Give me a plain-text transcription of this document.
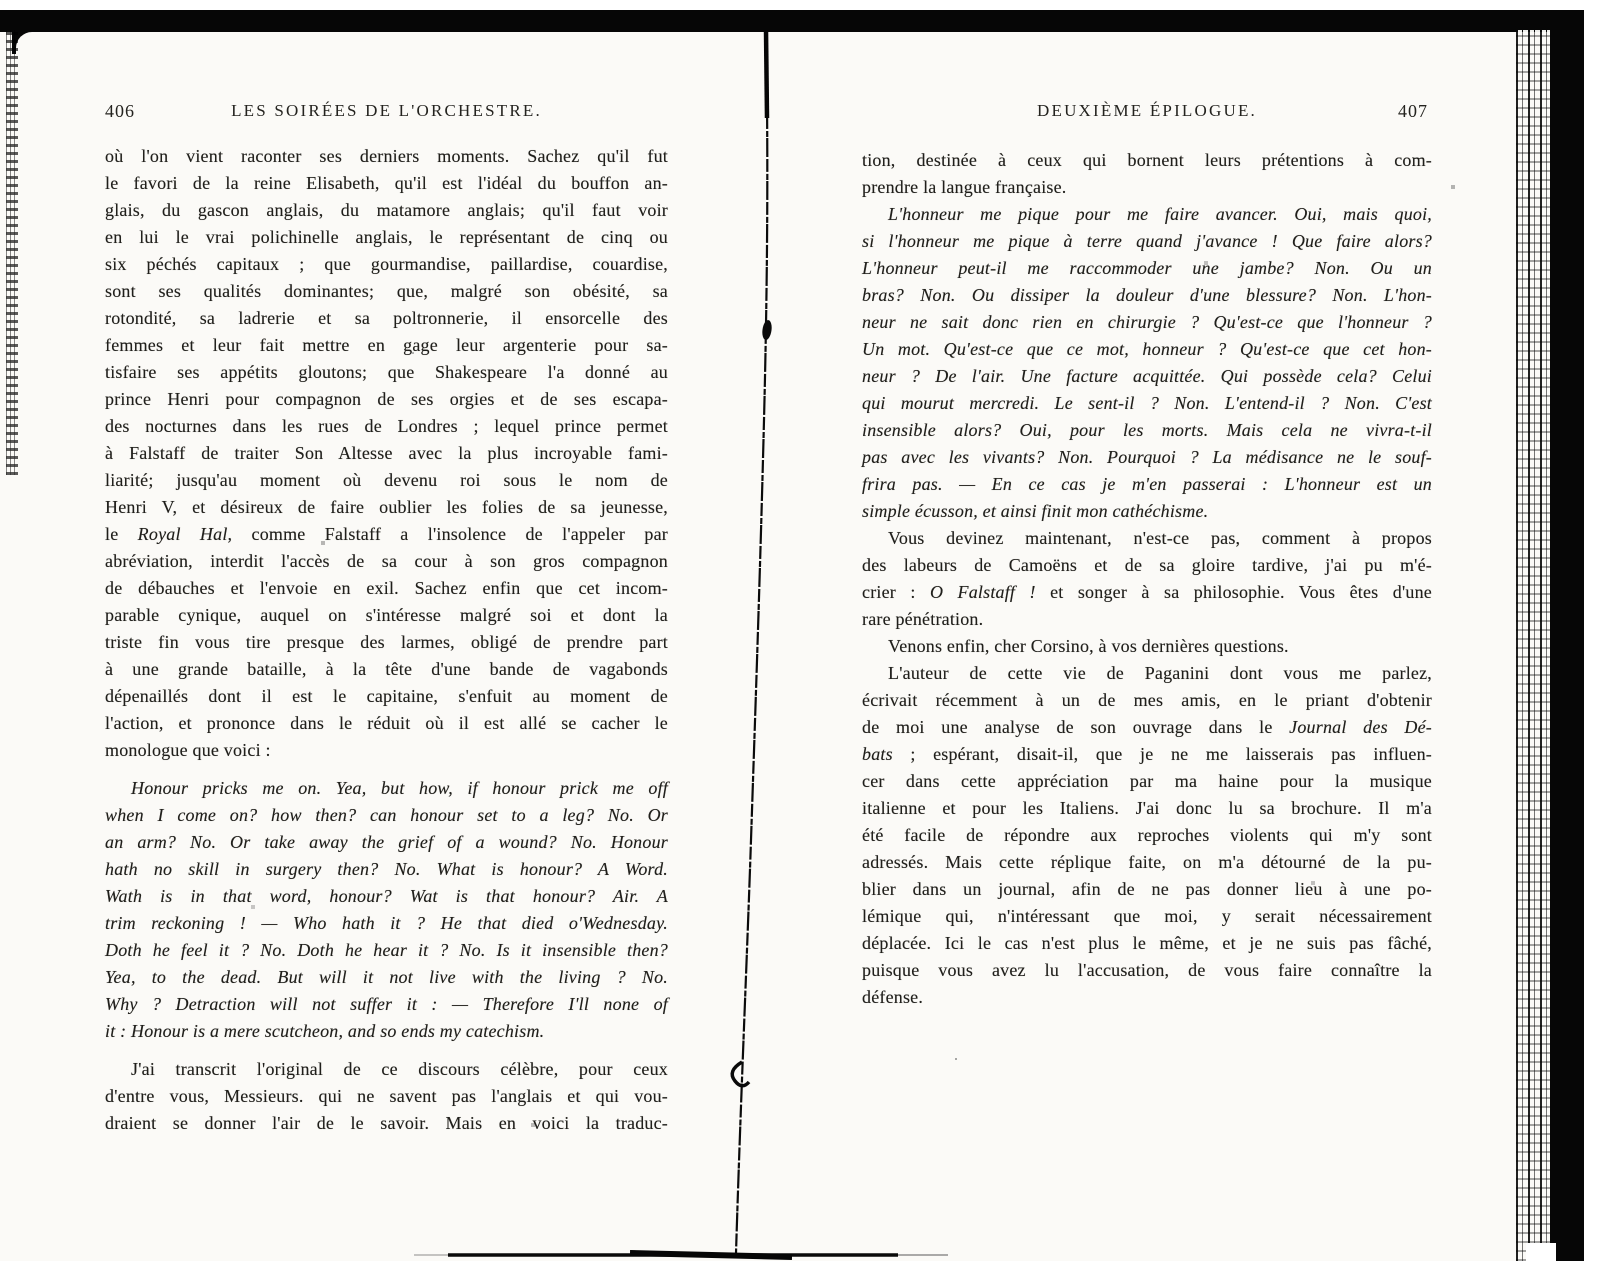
406	LES SOIRÉES DE L'ORCHESTRE.
où l'on vient raconter ses derniers moments. Sachez qu'il fut
le favori de la reine Elisabeth, qu'il est l'idéal du bouffon an-
glais, du gascon anglais, du matamore anglais; qu'il faut voir
en lui le vrai polichinelle anglais, le représentant de cinq ou
six péchés capitaux ; que gourmandise, paillardise, couardise,
sont ses qualités dominantes; que, malgré son obésité, sa
rotondité, sa ladrerie et sa poltronnerie, il ensorcelle des
femmes et leur fait mettre en gage leur argenterie pour sa-
tisfaire ses appétits gloutons; que Shakespeare l'a donné au
prince Henri pour compagnon de ses orgies et de ses escapa-
des nocturnes dans les rues de Londres ; lequel prince permet
à Falstaff de traiter Son Altesse avec la plus incroyable fami-
liarité; jusqu'au moment où devenu roi sous le nom de
Henri V, et désireux de faire oublier les folies de sa jeunesse,
le Royal Hal, comme Falstaff a l'insolence de l'appeler par
abréviation, interdit l'accès de sa cour à son gros compagnon
de débauches et l'envoie en exil. Sachez enfin que cet incom-
parable cynique, auquel on s'intéresse malgré soi et dont la
triste fin vous tire presque des larmes, obligé de prendre part
à une grande bataille, à la tête d'une bande de vagabonds
dépenaillés dont il est le capitaine, s'enfuit au moment de
l'action, et prononce dans le réduit où il est allé se cacher le
monologue que voici :
Honour pricks me on. Yea, but how, if honour prick me off
when I come on? how then? can honour set to a leg? No. Or
an arm? No. Or take away the grief of a wound? No. Honour
hath no skill in surgery then? No. What is honour? A Word.
Wath is in that word, honour? Wat is that honour? Air. A
trim reckoning ! — Who hath it ? He that died o'Wednesday.
Doth he feel it ? No. Doth he hear it ? No. Is it insensible then?
Yea, to the dead. But will it not live with the living ? No.
Why ? Detraction will not suffer it : — Therefore I'll none of
it : Honour is a mere scutcheon, and so ends my catechism.
J'ai transcrit l'original de ce discours célèbre, pour ceux
d'entre vous, Messieurs. qui ne savent pas l'anglais et qui vou-
draient se donner l'air de le savoir. Mais en voici la traduc-
DEUXIÈME ÉPILOGUE.	407
tion, destinée à ceux qui bornent leurs prétentions à com-
prendre la langue française.
L'honneur me pique pour me faire avancer. Oui, mais quoi,
si l'honneur me pique à terre quand j'avance ! Que faire alors?
L'honneur peut-il me raccommoder une jambe? Non. Ou un
bras? Non. Ou dissiper la douleur d'une blessure? Non. L'hon-
neur ne sait donc rien en chirurgie ? Qu'est-ce que l'honneur ?
Un mot. Qu'est-ce que ce mot, honneur ? Qu'est-ce que cet hon-
neur ? De l'air. Une facture acquittée. Qui possède cela? Celui
qui mourut mercredi. Le sent-il ? Non. L'entend-il ? Non. C'est
insensible alors? Oui, pour les morts. Mais cela ne vivra-t-il
pas avec les vivants? Non. Pourquoi ? La médisance ne le souf-
frira pas. — En ce cas je m'en passerai : L'honneur est un
simple écusson, et ainsi finit mon cathéchisme.
Vous devinez maintenant, n'est-ce pas, comment à propos
des labeurs de Camoëns et de sa gloire tardive, j'ai pu m'é-
crier : O Falstaff ! et songer à sa philosophie. Vous êtes d'une
rare pénétration.
Venons enfin, cher Corsino, à vos dernières questions.
L'auteur de cette vie de Paganini dont vous me parlez,
écrivait récemment à un de mes amis, en le priant d'obtenir
de moi une analyse de son ouvrage dans le Journal des Dé-
bats ; espérant, disait-il, que je ne me laisserais pas influen-
cer dans cette appréciation par ma haine pour la musique
italienne et pour les Italiens. J'ai donc lu sa brochure. Il m'a
été facile de répondre aux reproches violents qui m'y sont
adressés. Mais cette réplique faite, on m'a détourné de la pu-
blier dans un journal, afin de ne pas donner lieu à une po-
lémique qui, n'intéressant que moi, y serait nécessairement
déplacée. Ici le cas n'est plus le même, et je ne suis pas fâché,
puisque vous avez lu l'accusation, de vous faire connaître la
défense.
